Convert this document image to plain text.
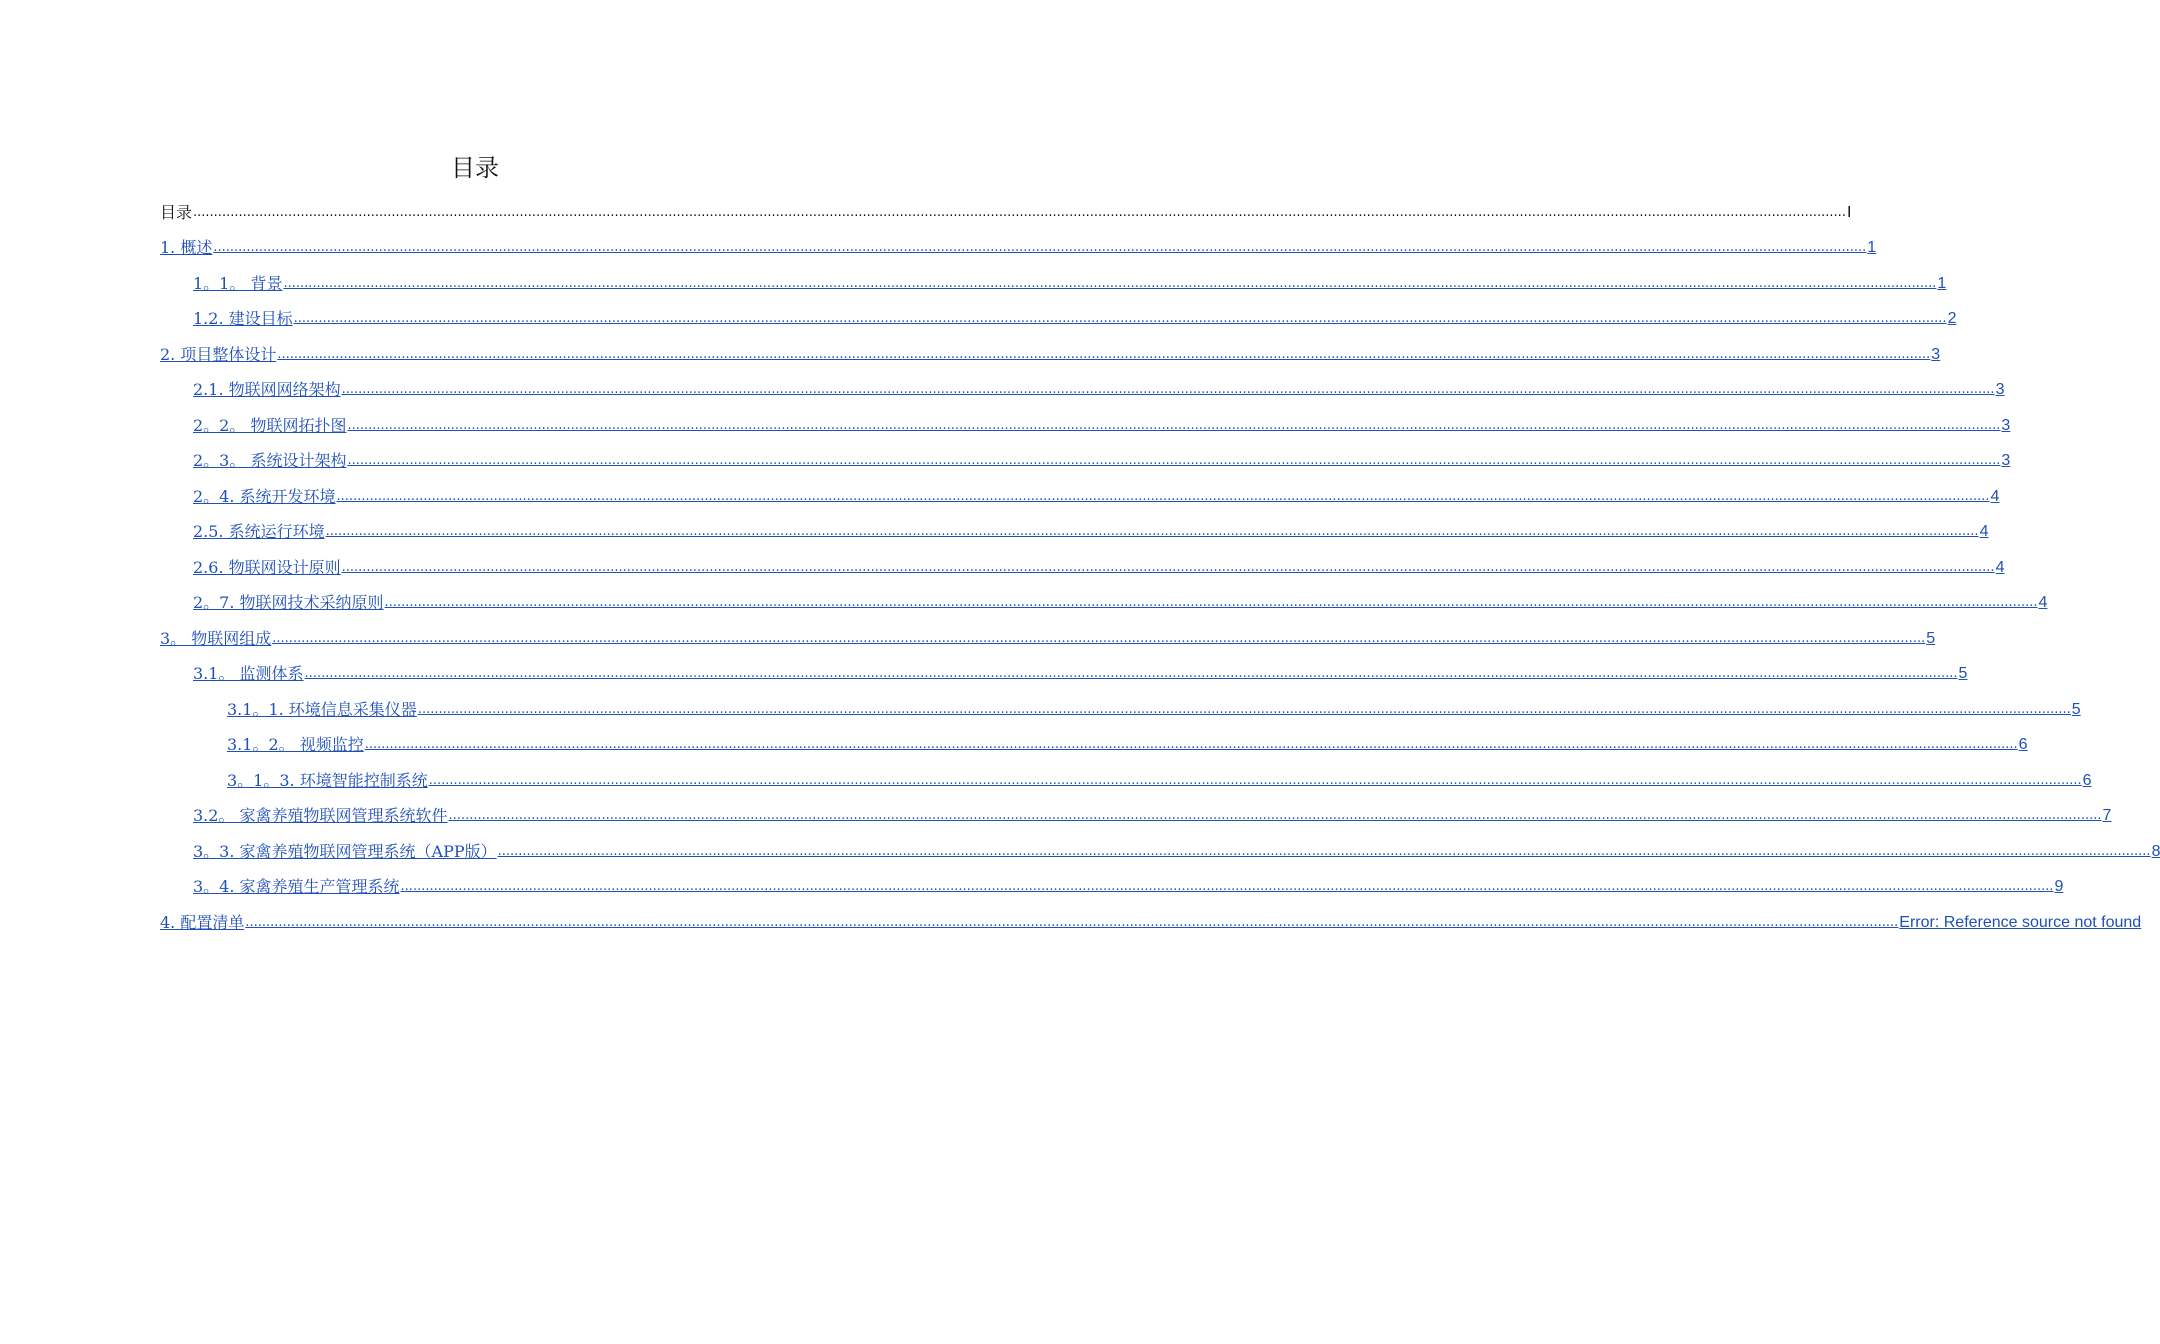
目录
目录 ................................................................................................................................................................................................................................................................................................................................................................................................................ I
1. 概述 ................................................................................................................................................................................................................................................................................................................................................................................................................ 1
1。1。 背景 ................................................................................................................................................................................................................................................................................................................................................................................................................ 1
1.2. 建设目标 ................................................................................................................................................................................................................................................................................................................................................................................................................ 2
2. 项目整体设计 ................................................................................................................................................................................................................................................................................................................................................................................................................ 3
2.1. 物联网网络架构 ................................................................................................................................................................................................................................................................................................................................................................................................................ 3
2。2。 物联网拓扑图 ................................................................................................................................................................................................................................................................................................................................................................................................................ 3
2。3。 系统设计架构 ................................................................................................................................................................................................................................................................................................................................................................................................................ 3
2。4. 系统开发环境 ................................................................................................................................................................................................................................................................................................................................................................................................................ 4
2.5. 系统运行环境 ................................................................................................................................................................................................................................................................................................................................................................................................................ 4
2.6. 物联网设计原则 ................................................................................................................................................................................................................................................................................................................................................................................................................ 4
2。7. 物联网技术采纳原则 ................................................................................................................................................................................................................................................................................................................................................................................................................ 4
3。 物联网组成 ................................................................................................................................................................................................................................................................................................................................................................................................................ 5
3.1。 监测体系 ................................................................................................................................................................................................................................................................................................................................................................................................................ 5
3.1。1. 环境信息采集仪器 ................................................................................................................................................................................................................................................................................................................................................................................................................ 5
3.1。2。 视频监控 ................................................................................................................................................................................................................................................................................................................................................................................................................ 6
3。1。3. 环境智能控制系统 ................................................................................................................................................................................................................................................................................................................................................................................................................ 6
3.2。 家禽养殖物联网管理系统软件 ................................................................................................................................................................................................................................................................................................................................................................................................................ 7
3。3. 家禽养殖物联网管理系统（APP版） ................................................................................................................................................................................................................................................................................................................................................................................................................ 8
3。4. 家禽养殖生产管理系统 ................................................................................................................................................................................................................................................................................................................................................................................................................ 9
4. 配置清单 ................................................................................................................................................................................................................................................................................................................................................................................................................ Error: Reference source not found
